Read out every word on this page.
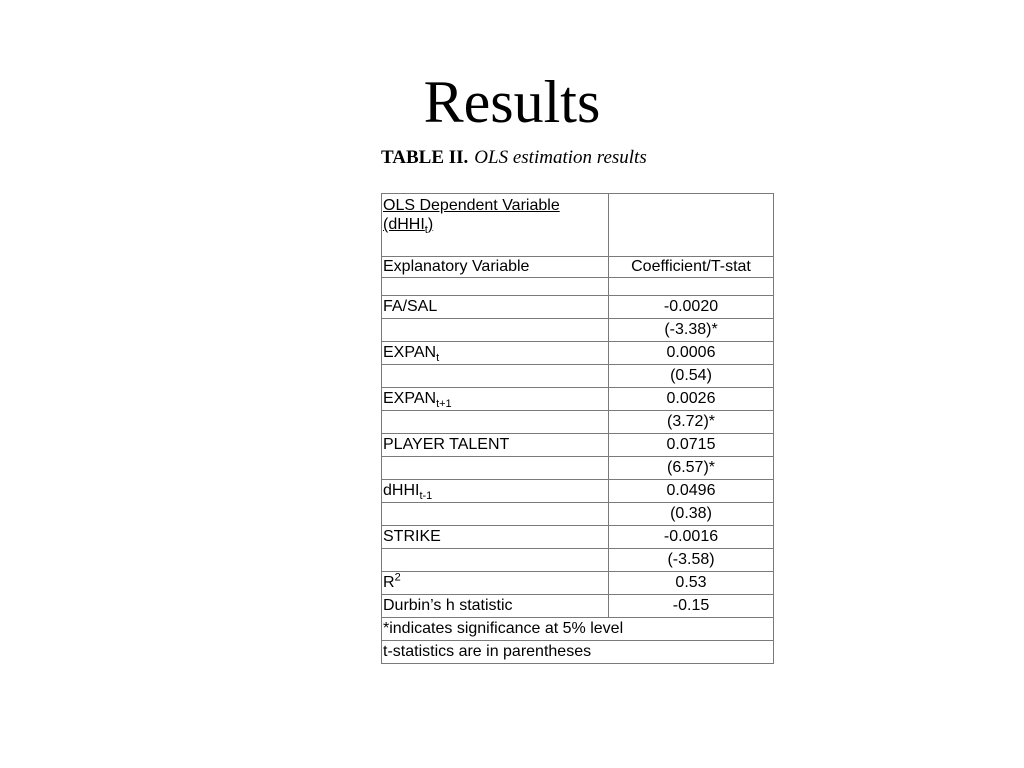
Results
TABLE II. OLS estimation results
OLS Dependent Variable
(dHHI$_t$)	
Explanatory Variable	Coefficient/T-stat

FA/SAL	-0.0020
	(-3.38)*
$EXPAN_t$	0.0006
	(0.54)
$EXPAN_{t+1}$	0.0026
	(3.72)*
PLAYER TALENT	0.0715
	(6.57)*
dHHI$_{t-1}$	0.0496
	(0.38)
STRIKE	-0.0016
	(-3.58)
$R^2$	0.53
Durbin’s h statistic	-0.15
*indicates significance at 5% level	
t-statistics are in parentheses	
